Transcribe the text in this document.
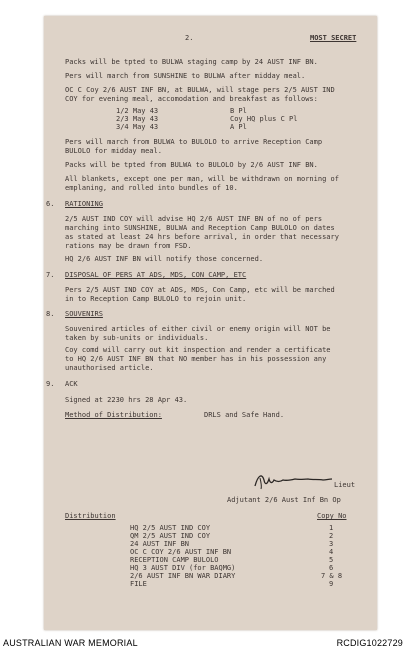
2.	MOST SECRET
Packs will be tpted to BULWA staging camp by 24 AUST INF BN.
Pers will march from SUNSHINE to BULWA after midday meal.
OC C Coy 2/6 AUST INF BN, at BULWA, will stage pers 2/5 AUST IND
COY for evening meal, accomodation and breakfast as follows:
1/2 May 43	B Pl
2/3 May 43	Coy HQ plus C Pl
3/4 May 43	A Pl
Pers will march from BULWA to BULOLO to arrive Reception Camp
BULOLO for midday meal.
Packs will be tpted from BULWA to BULOLO by 2/6 AUST INF BN.
All blankets, except one per man, will be withdrawn on morning of
emplaning, and rolled into bundles of 10.
6. RATIONING
2/5 AUST IND COY will advise HQ 2/6 AUST INF BN of no of pers
marching into SUNSHINE, BULWA and Reception Camp BULOLO on dates
as stated at least 24 hrs before arrival, in order that necessary
rations may be drawn from FSD.
HQ 2/6 AUST INF BN will notify those concerned.
7. DISPOSAL OF PERS AT ADS, MDS, CON CAMP, ETC
Pers 2/5 AUST IND COY at ADS, MDS, Con Camp, etc will be marched
in to Reception Camp BULOLO to rejoin unit.
8. SOUVENIRS
Souvenired articles of either civil or enemy origin will NOT be
taken by sub-units or individuals.
Coy comd will carry out kit inspection and render a certificate
to HQ 2/6 AUST INF BN that NO member has in his possession any
unauthorised article.
9. ACK
Signed at 2230 hrs 28 Apr 43.
Method of Distribution:	DRLS and Safe Hand.
Lieut
Adjutant 2/6 Aust Inf Bn Op
Distribution	Copy No
HQ 2/5 AUST IND COY	1
QM 2/5 AUST IND COY	2
24 AUST INF BN	3
OC C COY 2/6 AUST INF BN	4
RECEPTION CAMP BULOLO	5
HQ 3 AUST DIV (for BAQMG)	6
2/6 AUST INF BN WAR DIARY	7 & 8
FILE	9
AUSTRALIAN WAR MEMORIAL	RCDIG1022729
